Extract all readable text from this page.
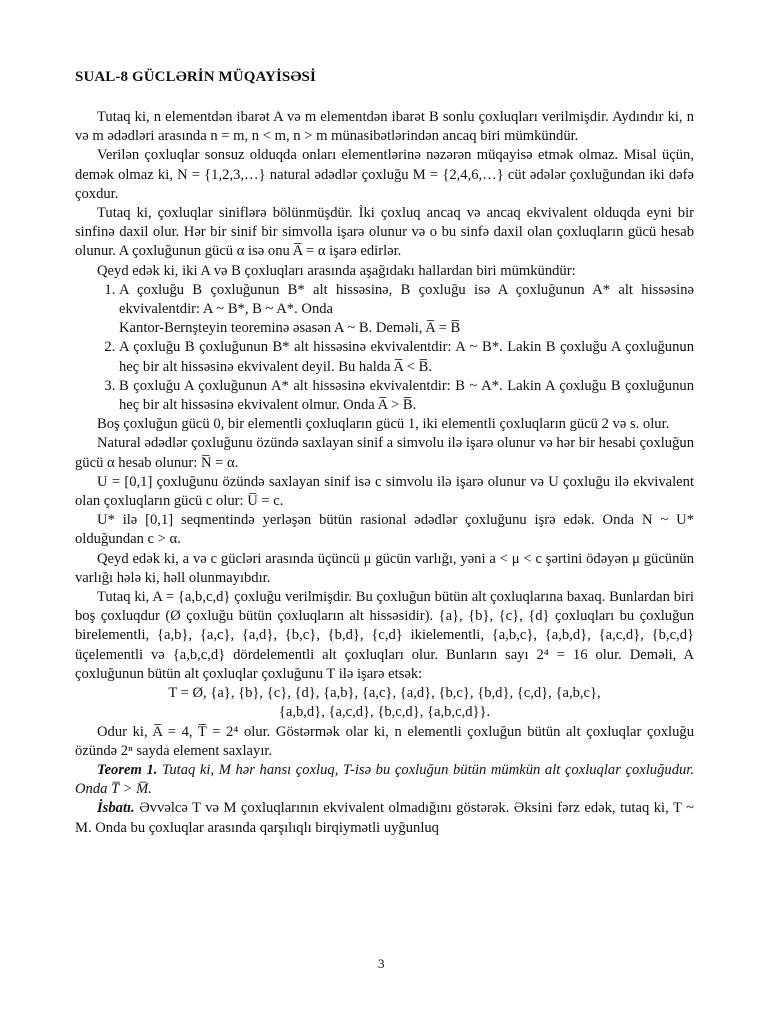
SUAL-8 GÜCLƏRİN MÜQAYİSƏSİ

Tutaq ki, n elementdən ibarət A və m elementdən ibarət B sonlu çoxluqları verilmişdir. Aydındır ki, n və m ədədləri arasında n = m, n < m, n > m münasibətlərindən ancaq biri mümkündür.

Verilən çoxluqlar sonsuz olduqda onları elementlərinə nəzərən müqayisə etmək olmaz. Misal üçün, demək olmaz ki, N = {1,2,3,…} natural ədədlər çoxluğu M = {2,4,6,…} cüt ədələr çoxluğundan iki dəfə çoxdur.

Tutaq ki, çoxluqlar siniflərə bölünmüşdür. İki çoxluq ancaq və ancaq ekvivalent olduqda eyni bir sinfinə daxil olur. Hər bir sinif bir simvolla işarə olunur və o bu sinfə daxil olan çoxluqların gücü hesab olunur. A çoxluğunun gücü α isə onu A̅ = α işarə edirlər.

Qeyd edək ki, iki A və B çoxluqları arasında aşağıdakı hallardan biri mümkündür:

1. A çoxluğu B çoxluğunun B* alt hissəsinə, B çoxluğu isə A çoxluğunun A* alt hissəsinə ekvivalentdir: A ~ B*, B ~ A*. Onda
Kantor-Bernşteyin teoreminə əsasən A ~ B. Deməli, A̅ = B̅
2. A çoxluğu B çoxluğunun B* alt hissəsinə ekvivalentdir: A ~ B*. Lakin B çoxluğu A çoxluğunun heç bir alt hissəsinə ekvivalent deyil. Bu halda A̅ < B̅.
3. B çoxluğu A çoxluğunun A* alt hissəsinə ekvivalentdir: B ~ A*. Lakin A çoxluğu B çoxluğunun heç bir alt hissəsinə ekvivalent olmur. Onda A̅ > B̅.

Boş çoxluğun gücü 0, bir elementli çoxluqların gücü 1, iki elementli çoxluqların gücü 2 və s. olur.

Natural ədədlər çoxluğunu özündə saxlayan sinif a simvolu ilə işarə olunur və hər bir hesabi çoxluğun gücü α hesab olunur: N̅ = α.

U = [0,1] çoxluğunu özündə saxlayan sinif isə c simvolu ilə işarə olunur və U çoxluğu ilə ekvivalent olan çoxluqların gücü c olur: U̅ = c.

U* ilə [0,1] seqmentində yerləşən bütün rasional ədədlər çoxluğunu işrə edək. Onda N ~ U* olduğundan c > α.

Qeyd edək ki, a və c gücləri arasında üçüncü μ gücün varlığı, yəni a < μ < c şərtini ödəyən μ gücünün varlığı hələ ki, həll olunmayıbdır.

Tutaq ki, A = {a,b,c,d} çoxluğu verilmişdir. Bu çoxluğun bütün alt çoxluqlarına baxaq. Bunlardan biri boş çoxluqdur (Ø çoxluğu bütün çoxluqların alt hissəsidir). {a}, {b}, {c}, {d} çoxluqları bu çoxluğun birelementli, {a,b}, {a,c}, {a,d}, {b,c}, {b,d}, {c,d} ikielementli, {a,b,c}, {a,b,d}, {a,c,d}, {b,c,d} üçelementli və {a,b,c,d} dördelementli alt çoxluqları olur. Bunların sayı 2⁴ = 16 olur. Deməli, A çoxluğunun bütün alt çoxluqlar çoxluğunu T ilə işarə etsək:

T = Ø, {a}, {b}, {c}, {d}, {a,b}, {a,c}, {a,d}, {b,c}, {b,d}, {c,d}, {a,b,c},

{a,b,d}, {a,c,d}, {b,c,d}, {a,b,c,d}}.

Odur ki, A̅ = 4, T̅ = 2⁴ olur. Göstərmək olar ki, n elementli çoxluğun bütün alt çoxluqlar çoxluğu özündə 2ⁿ sayda element saxlayır.

Teorem 1. Tutaq ki, M hər hansı çoxluq, T-isə bu çoxluğun bütün mümkün alt çoxluqlar çoxluğudur. Onda T̅ > M̅.

İsbatı. Əvvəlcə T və M çoxluqlarının ekvivalent olmadığını göstərək. Əksini fərz edək, tutaq ki, T ~ M. Onda bu çoxluqlar arasında qarşılıqlı birqiymətli uyğunluq

3
